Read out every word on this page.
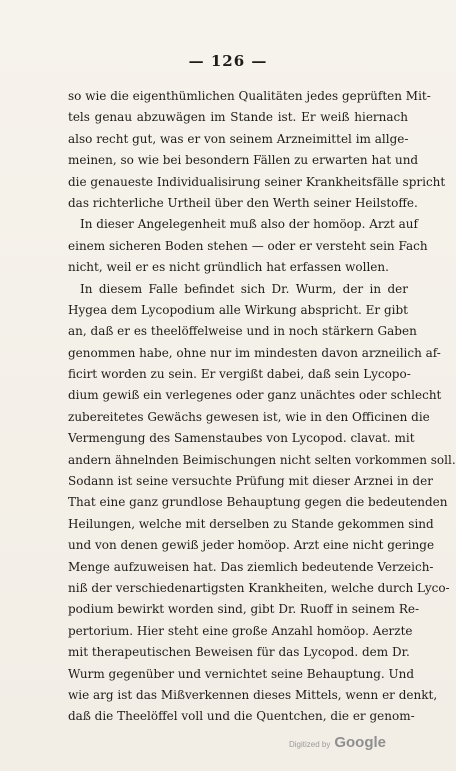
— 126 —
so wie die eigenthümlichen Qualitäten jedes geprüften Mit-
tels genau abzuwägen im Stande ist. Er weiß hiernach
also recht gut, was er von seinem Arzneimittel im allge-
meinen, so wie bei besondern Fällen zu erwarten hat und
die genaueste Individualisirung seiner Krankheitsfälle spricht
das richterliche Urtheil über den Werth seiner Heilstoffe.
In dieser Angelegenheit muß also der homöop. Arzt auf
einem sicheren Boden stehen — oder er versteht sein Fach
nicht, weil er es nicht gründlich hat erfassen wollen.
In diesem Falle befindet sich Dr. Wurm, der in der
Hygea dem Lycopodium alle Wirkung abspricht. Er gibt
an, daß er es theelöffelweise und in noch stärkern Gaben
genommen habe, ohne nur im mindesten davon arzneilich af-
ficirt worden zu sein. Er vergißt dabei, daß sein Lycopo-
dium gewiß ein verlegenes oder ganz unächtes oder schlecht
zubereitetes Gewächs gewesen ist, wie in den Officinen die
Vermengung des Samenstaubes von Lycopod. clavat. mit
andern ähnelnden Beimischungen nicht selten vorkommen soll.
Sodann ist seine versuchte Prüfung mit dieser Arznei in der
That eine ganz grundlose Behauptung gegen die bedeutenden
Heilungen, welche mit derselben zu Stande gekommen sind
und von denen gewiß jeder homöop. Arzt eine nicht geringe
Menge aufzuweisen hat. Das ziemlich bedeutende Verzeich-
niß der verschiedenartigsten Krankheiten, welche durch Lyco-
podium bewirkt worden sind, gibt Dr. Ruoff in seinem Re-
pertorium. Hier steht eine große Anzahl homöop. Aerzte
mit therapeutischen Beweisen für das Lycopod. dem Dr.
Wurm gegenüber und vernichtet seine Behauptung. Und
wie arg ist das Mißverkennen dieses Mittels, wenn er denkt,
daß die Theelöffel voll und die Quentchen, die er genom-
Digitized by Google
